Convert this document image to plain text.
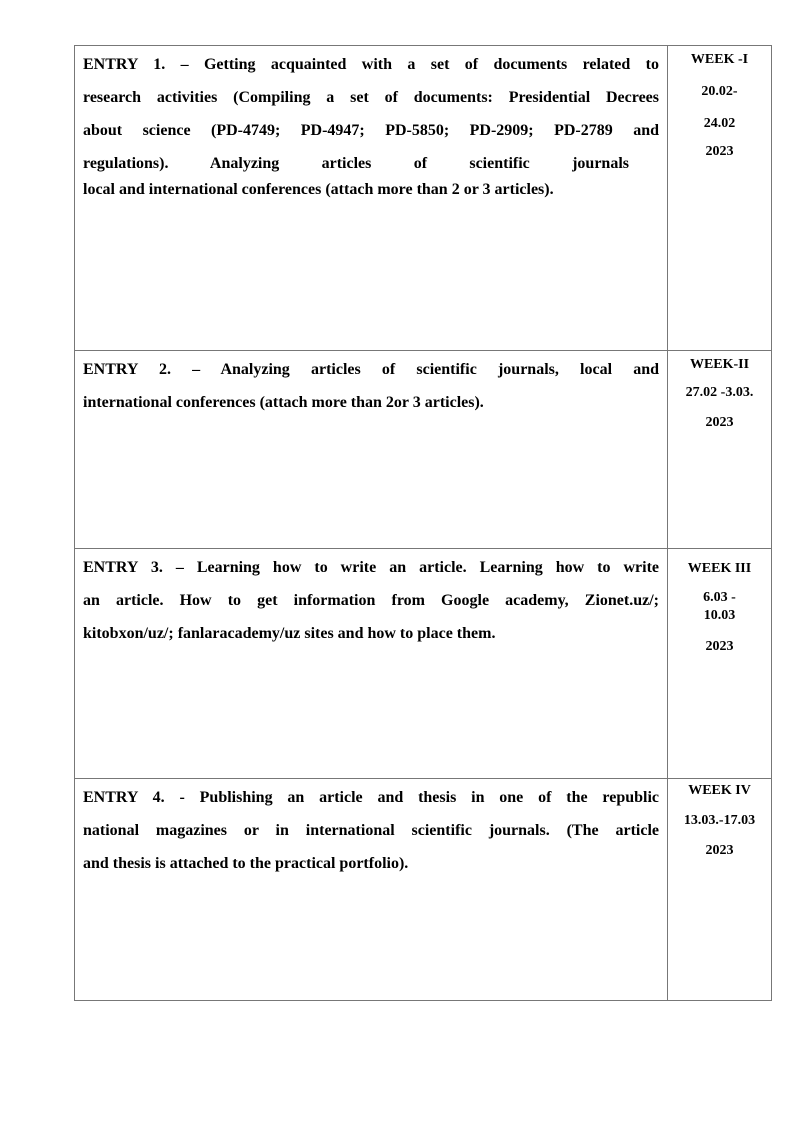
ENTRY 1. – Getting acquainted with a set of documents related to
research activities (Compiling a set of documents: Presidential Decrees
about science (PD-4749; PD-4947; PD-5850; PD-2909; PD-2789 and
regulations). Analyzing articles of scientific journals
local and international conferences (attach more than 2 or 3 articles).
WEEK -I
20.02-
24.02
2023
ENTRY 2. – Analyzing articles of scientific journals, local and
international conferences (attach more than 2or 3 articles).
WEEK-II
27.02 -3.03.
2023
ENTRY 3. – Learning how to write an article. Learning how to write
an article. How to get information from Google academy, Zionet.uz/;
kitobxon/uz/; fanlaracademy/uz sites and how to place them.
WEEK III
6.03 -
10.03
2023
ENTRY 4. - Publishing an article and thesis in one of the republic
national magazines or in international scientific journals. (The article
and thesis is attached to the practical portfolio).
WEEK IV
13.03.-17.03
2023
